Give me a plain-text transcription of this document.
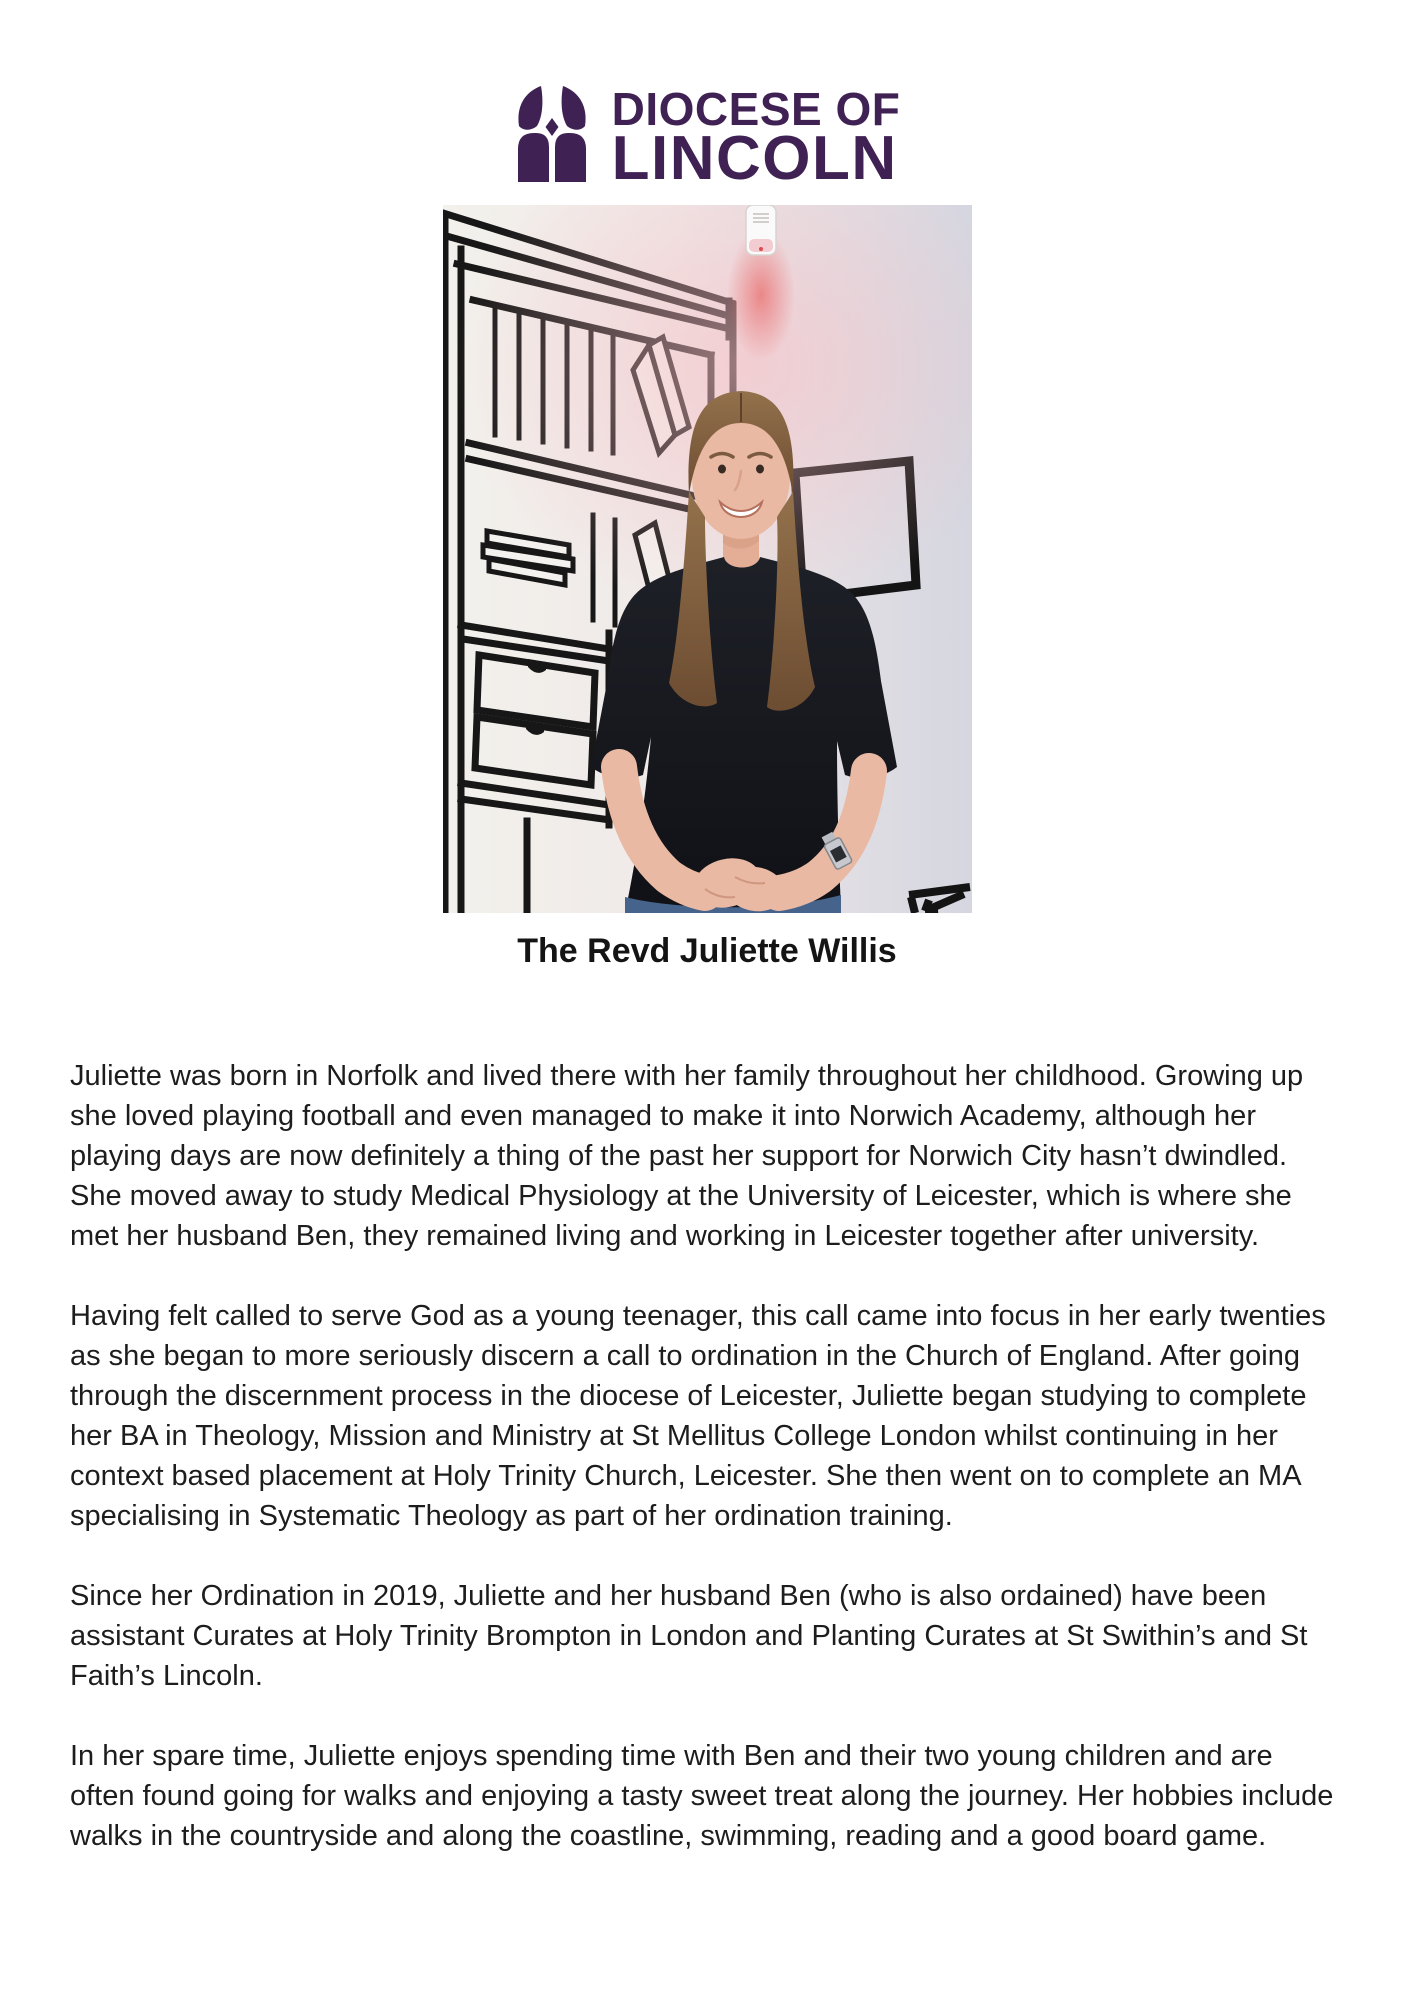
DIOCESE OF
LINCOLN
The Revd Juliette Willis

Juliette was born in Norfolk and lived there with her family throughout her childhood. Growing up she loved playing football and even managed to make it into Norwich Academy, although her playing days are now definitely a thing of the past her support for Norwich City hasn’t dwindled. She moved away to study Medical Physiology at the University of Leicester, which is where she met her husband Ben, they remained living and working in Leicester together after university.

Having felt called to serve God as a young teenager, this call came into focus in her early twenties as she began to more seriously discern a call to ordination in the Church of England. After going through the discernment process in the diocese of Leicester, Juliette began studying to complete her BA in Theology, Mission and Ministry at St Mellitus College London whilst continuing in her context based placement at Holy Trinity Church, Leicester. She then went on to complete an MA specialising in Systematic Theology as part of her ordination training.

Since her Ordination in 2019, Juliette and her husband Ben (who is also ordained) have been assistant Curates at Holy Trinity Brompton in London and Planting Curates at St Swithin’s and St Faith’s Lincoln.

In her spare time, Juliette enjoys spending time with Ben and their two young children and are often found going for walks and enjoying a tasty sweet treat along the journey. Her hobbies include walks in the countryside and along the coastline, swimming, reading and a good board game.
